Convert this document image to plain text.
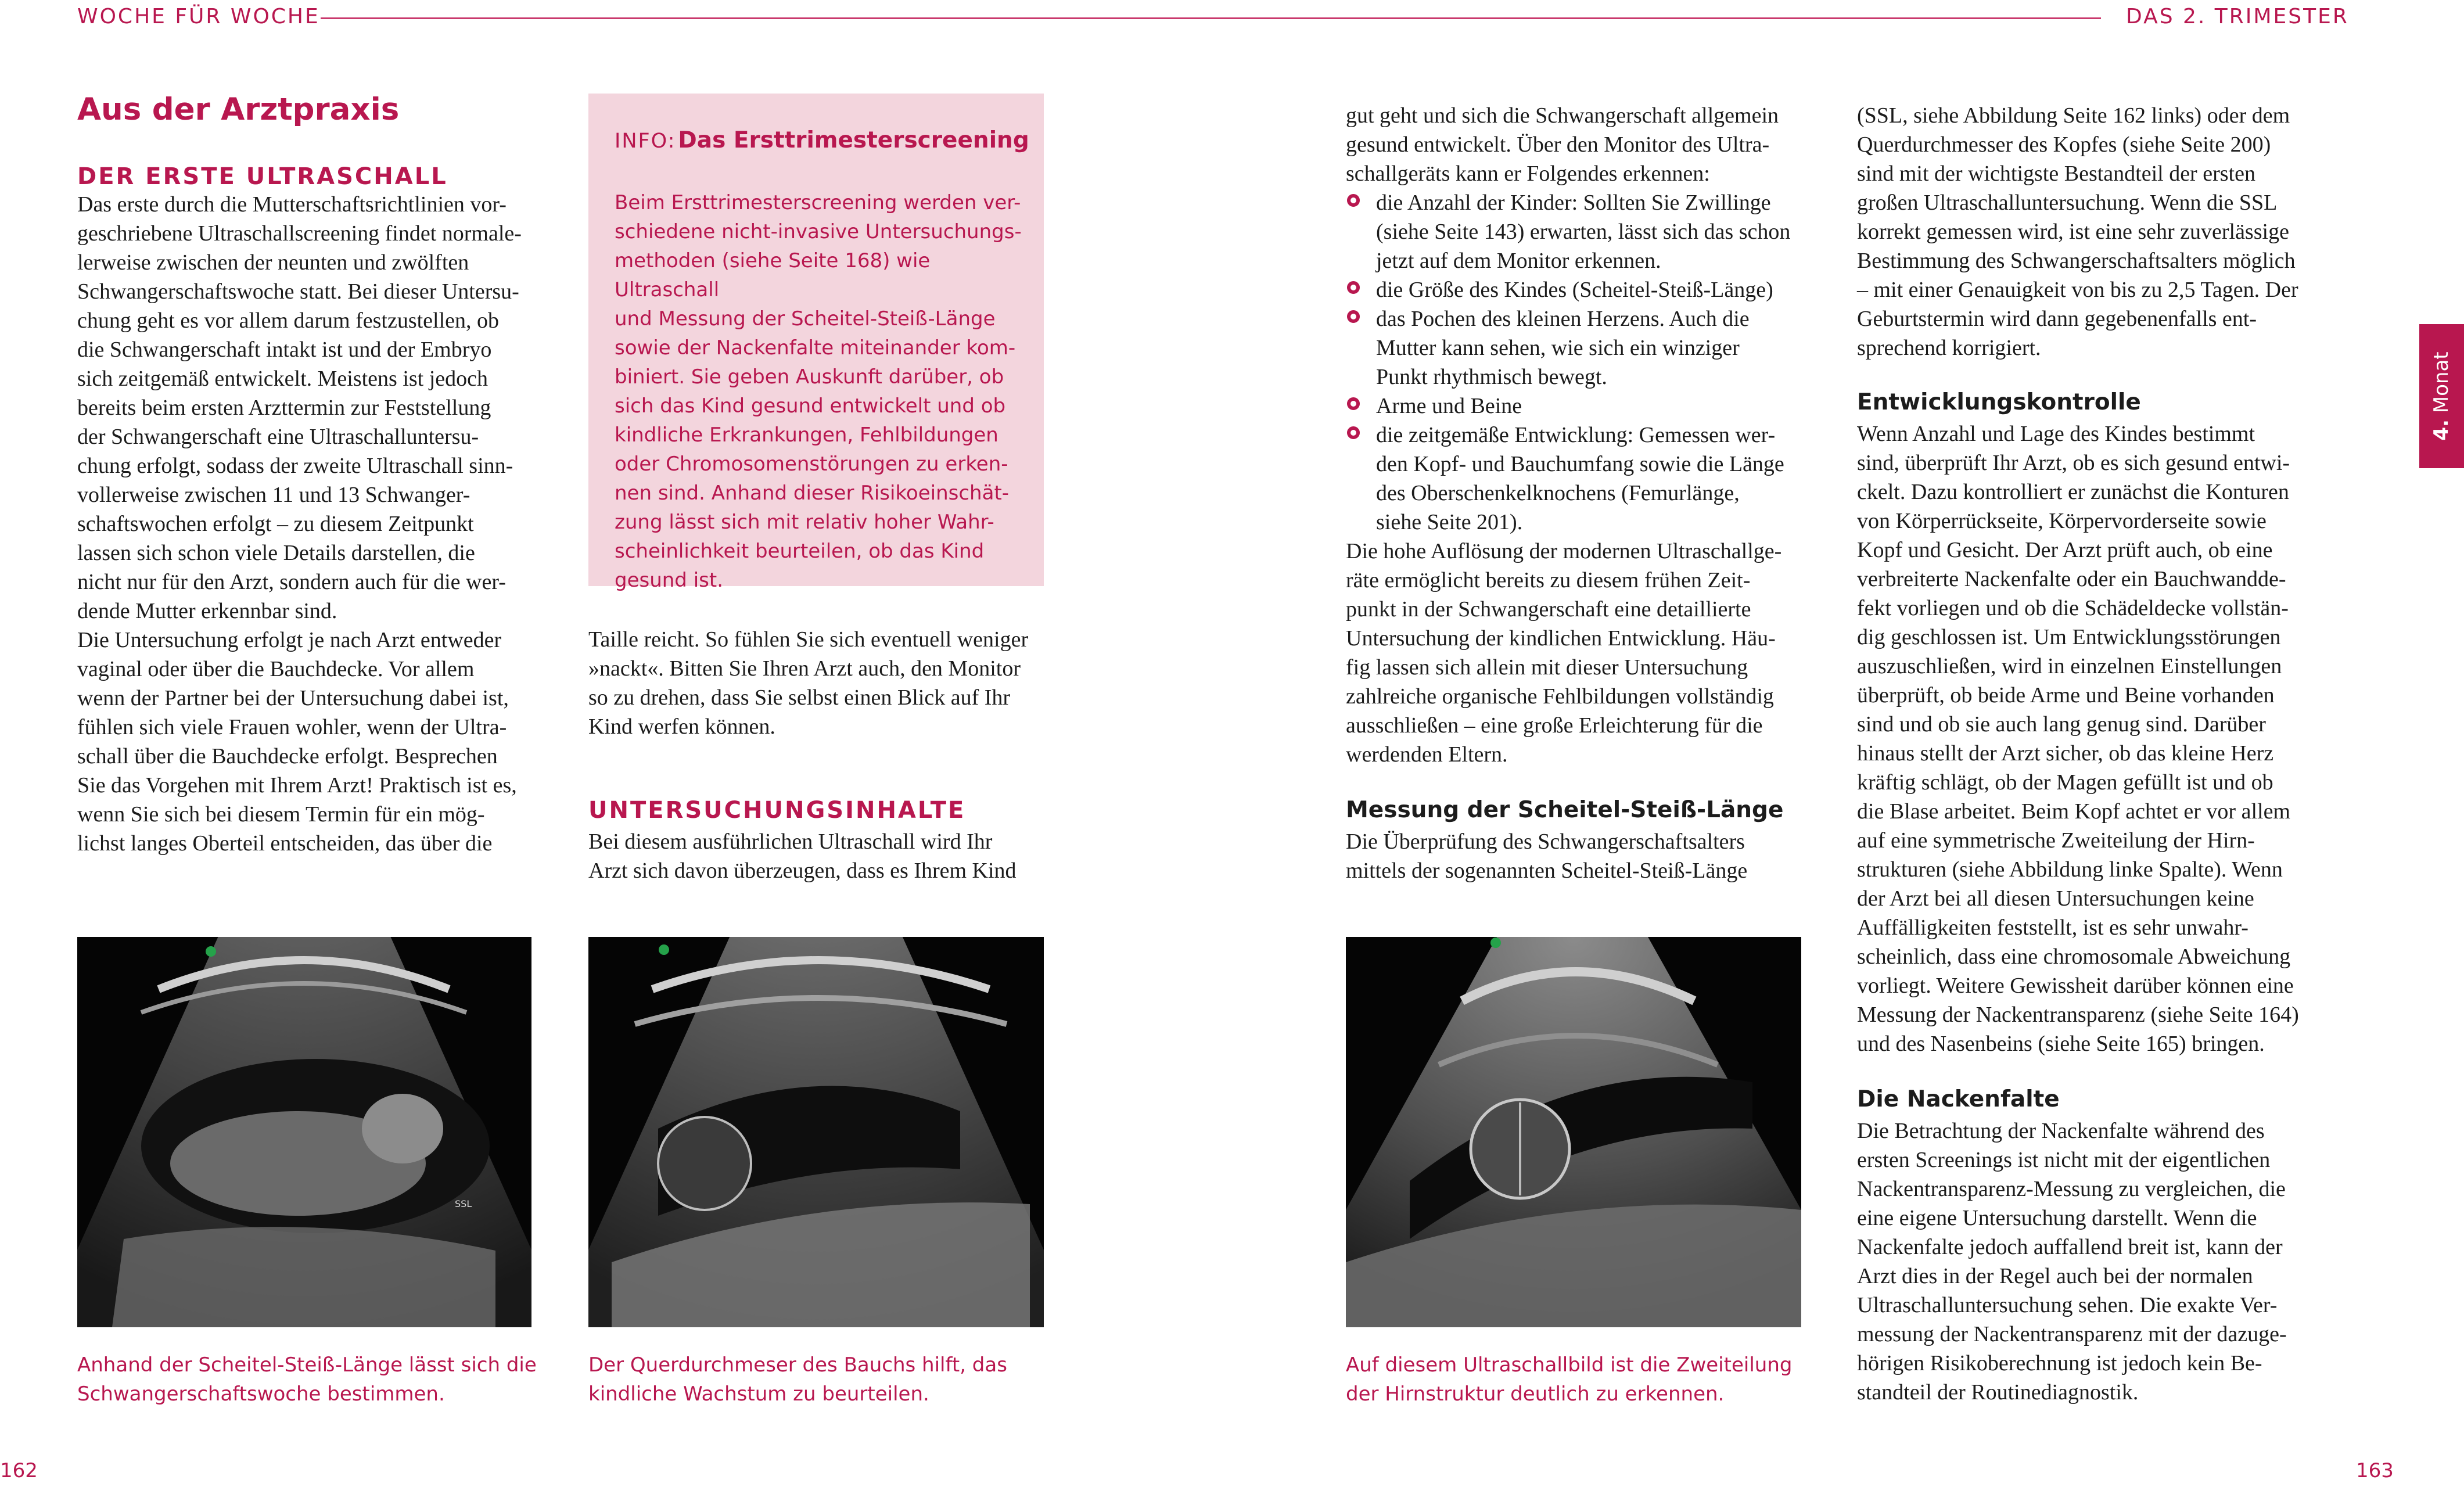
WOCHE FÜR WOCHE	DAS 2. TRIMESTER
4. Monat
Aus der Arztpraxis
DER ERSTE ULTRASCHALL
Das erste durch die Mutterschaftsrichtlinien vor-
geschriebene Ultraschallscreening findet normale-
lerweise zwischen der neunten und zwölften
Schwangerschaftswoche statt. Bei dieser Untersu-
chung geht es vor allem darum festzustellen, ob
die Schwangerschaft intakt ist und der Embryo
sich zeitgemäß entwickelt. Meistens ist jedoch
bereits beim ersten Arzttermin zur Feststellung
der Schwangerschaft eine Ultraschalluntersu-
chung erfolgt, sodass der zweite Ultraschall sinn-
vollerweise zwischen 11 und 13 Schwanger-
schaftswochen erfolgt – zu diesem Zeitpunkt
lassen sich schon viele Details darstellen, die
nicht nur für den Arzt, sondern auch für die wer-
dende Mutter erkennbar sind.
Die Untersuchung erfolgt je nach Arzt entweder
vaginal oder über die Bauchdecke. Vor allem
wenn der Partner bei der Untersuchung dabei ist,
fühlen sich viele Frauen wohler, wenn der Ultra-
schall über die Bauchdecke erfolgt. Besprechen
Sie das Vorgehen mit Ihrem Arzt! Praktisch ist es,
wenn Sie sich bei diesem Termin für ein mög-
lichst langes Oberteil entscheiden, das über die
SSL
Anhand der Scheitel-Steiß-Länge lässt sich die
Schwangerschaftswoche bestimmen.
INFO: Das Ersttrimesterscreening
Beim Ersttrimesterscreening werden ver-
schiedene nicht-invasive Untersuchungs-
methoden (siehe Seite 168) wie Ultraschall
und Messung der Scheitel-Steiß-Länge
sowie der Nackenfalte miteinander kom-
biniert. Sie geben Auskunft darüber, ob
sich das Kind gesund entwickelt und ob
kindliche Erkrankungen, Fehlbildungen
oder Chromosomenstörungen zu erken-
nen sind. Anhand dieser Risikoeinschät-
zung lässt sich mit relativ hoher Wahr-
scheinlichkeit beurteilen, ob das Kind
gesund ist.
Taille reicht. So fühlen Sie sich eventuell weniger
»nackt«. Bitten Sie Ihren Arzt auch, den Monitor
so zu drehen, dass Sie selbst einen Blick auf Ihr
Kind werfen können.
UNTERSUCHUNGSINHALTE
Bei diesem ausführlichen Ultraschall wird Ihr
Arzt sich davon überzeugen, dass es Ihrem Kind
Der Querdurchmeser des Bauchs hilft, das
kindliche Wachstum zu beurteilen.
gut geht und sich die Schwangerschaft allgemein
gesund entwickelt. Über den Monitor des Ultra-
schallgeräts kann er Folgendes erkennen:
die Anzahl der Kinder: Sollten Sie Zwillinge
(siehe Seite 143) erwarten, lässt sich das schon
jetzt auf dem Monitor erkennen.
die Größe des Kindes (Scheitel-Steiß-Länge)
das Pochen des kleinen Herzens. Auch die
Mutter kann sehen, wie sich ein winziger
Punkt rhythmisch bewegt.
Arme und Beine
die zeitgemäße Entwicklung: Gemessen wer-
den Kopf- und Bauchumfang sowie die Länge
des Oberschenkelknochens (Femurlänge,
siehe Seite 201).
Die hohe Auflösung der modernen Ultraschallge-
räte ermöglicht bereits zu diesem frühen Zeit-
punkt in der Schwangerschaft eine detaillierte
Untersuchung der kindlichen Entwicklung. Häu-
fig lassen sich allein mit dieser Untersuchung
zahlreiche organische Fehlbildungen vollständig
ausschließen – eine große Erleichterung für die
werdenden Eltern.
Messung der Scheitel-Steiß-Länge
Die Überprüfung des Schwangerschaftsalters
mittels der sogenannten Scheitel-Steiß-Länge
Auf diesem Ultraschallbild ist die Zweiteilung
der Hirnstruktur deutlich zu erkennen.
(SSL, siehe Abbildung Seite 162 links) oder dem
Querdurchmesser des Kopfes (siehe Seite 200)
sind mit der wichtigste Bestandteil der ersten
großen Ultraschalluntersuchung. Wenn die SSL
korrekt gemessen wird, ist eine sehr zuverlässige
Bestimmung des Schwangerschaftsalters möglich
– mit einer Genauigkeit von bis zu 2,5 Tagen. Der
Geburtstermin wird dann gegebenenfalls ent-
sprechend korrigiert.
Entwicklungskontrolle
Wenn Anzahl und Lage des Kindes bestimmt
sind, überprüft Ihr Arzt, ob es sich gesund entwi-
ckelt. Dazu kontrolliert er zunächst die Konturen
von Körperrückseite, Körpervorderseite sowie
Kopf und Gesicht. Der Arzt prüft auch, ob eine
verbreiterte Nackenfalte oder ein Bauchwandde-
fekt vorliegen und ob die Schädeldecke vollstän-
dig geschlossen ist. Um Entwicklungsstörungen
auszuschließen, wird in einzelnen Einstellungen
überprüft, ob beide Arme und Beine vorhanden
sind und ob sie auch lang genug sind. Darüber
hinaus stellt der Arzt sicher, ob das kleine Herz
kräftig schlägt, ob der Magen gefüllt ist und ob
die Blase arbeitet. Beim Kopf achtet er vor allem
auf eine symmetrische Zweiteilung der Hirn-
strukturen (siehe Abbildung linke Spalte). Wenn
der Arzt bei all diesen Untersuchungen keine
Auffälligkeiten feststellt, ist es sehr unwahr-
scheinlich, dass eine chromosomale Abweichung
vorliegt. Weitere Gewissheit darüber können eine
Messung der Nackentransparenz (siehe Seite 164)
und des Nasenbeins (siehe Seite 165) bringen.
Die Nackenfalte
Die Betrachtung der Nackenfalte während des
ersten Screenings ist nicht mit der eigentlichen
Nackentransparenz-Messung zu vergleichen, die
eine eigene Untersuchung darstellt. Wenn die
Nackenfalte jedoch auffallend breit ist, kann der
Arzt dies in der Regel auch bei der normalen
Ultraschalluntersuchung sehen. Die exakte Ver-
messung der Nackentransparenz mit der dazuge-
hörigen Risikoberechnung ist jedoch kein Be-
standteil der Routinediagnostik.
162	163
